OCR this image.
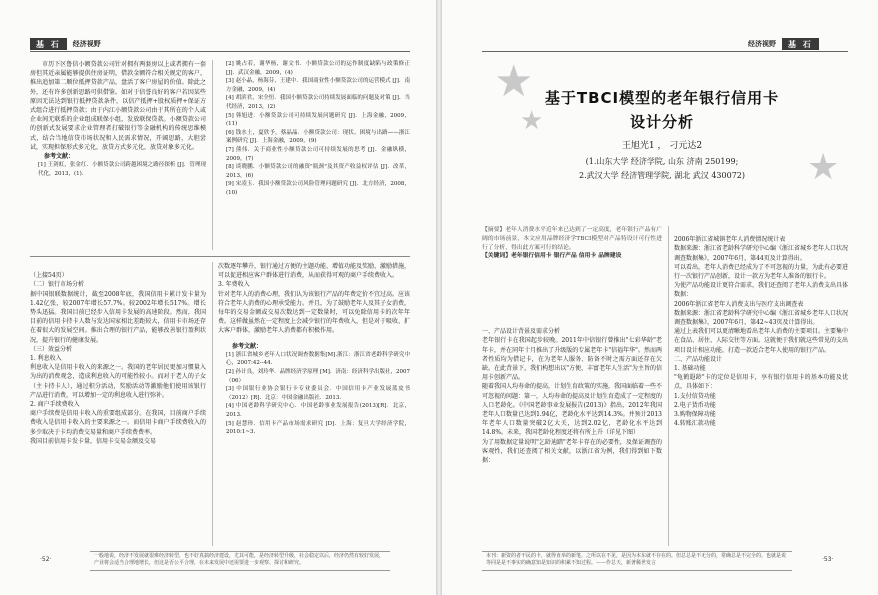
基 石	经济视野

市历下区鲁信小额贷款公司针对拥有两套房以上或者拥有一套房但其近亲属能够提供住房证明，借款金额符合相关规定的客户，推出追加第二顺位抵押贷款产品，盘活了客户房屋的价值。除此之外，还有许多创新思路可供借鉴。如对于信誉良好的客户若因某些原因无法达到银行抵押贷款条件，以信产抵押+股权质押+保证方式组合进行抵押贷款；由于内江小额贷款公司由于其所在的个人或企业间无联系的企业组成联保小组，发放联保贷款。小额贷款公司的创新式发展要求企业管理者打破银行等金融机构的传统思维模式，结合当地信贷市场状况和人民需求情况，开阔思路，大胆尝试，实现担保形式多元化，放贷方式多元化，放贷对象多元化。

参考文献：

[1] 王剑虹，张金红．小额贷款公司跨越困境之路径探析 [J]．管理现代化，2013，(1).

[2] 姚占若，谢华杨，谢文书．小额贷款公司的运作制度缺陷与政策修正 [J]．武汉金融，2009，(4)

[3] 赵小晶，杨海芬，王建中．我国商业性小额贷款公司的运营模式 [J]．南方金融，2009，(4)

[4] 胡滨君，宋全恒．我国小额贷款公司持续发展面临的问题及对策 [J]．当代经济，2013，(2)

[5] 韩旭进．小额贷款公司可持续发展问题研究 [J]．上海金融，2009，(11)

[6] 钱水土，夏欣予，蔡晶晶．小额贷款公司：现状、困境与出路——浙江案例研究 [J]．上海金融，2009，(9)

[7] 熊伟．关于商业性小额贷款公司可持续发展的思考 [J]．金融纵横，2009，(7)

[8] 谈晓鹏．小额贷款公司的融资"瓶颈"及其资产收益权评估 [J]．改革，2013，(6)

[9] 宋凌玉．我国小额贷款公司风险管理问题研究 [J]．北方经济，2008，(10)

（上接54页）
（二）银行市场分析
据中国银联数据统计，截至2008年底，我国信用卡累计发卡量为1.42亿张，较2007年增长57.7%。较2002年增长517%。增长势头迅猛。我国目前已经步入信用卡发展的高速阶段。然而，我国目前的信用卡持卡人数与发达国家相比差距较大，信用卡市场还存在着很大的发展空间。推出合理的银行产品，能够改善银行盈利状况，提升银行的健康发展。
（三）效益分析
1. 利息收入
利息收入是信用卡收入的来源之一。我国的老年居民更加习惯量入为出的消费观念，造成利息收入的可能性较小。而对于老人的子女（主卡持卡人），通过积分活动，奖励活动等激励他们使用该银行产品进行消费，可以增加一定的利息收入进行弥补。
2. 商户手续费收入
商户手续费是信用卡收入的重要组成部分。在我国，目前商户手续费收入是信用卡收入的主要来源之一。而信用卡商户手续费收入的多少取决于卡均消费交易量和商户手续费费率。
我国目前信用卡发卡量，信用卡交易金额及交易

次数逐年攀升，银行通过方便的主题功能、增值功能及奖励、激励措施，可以促进相应客户群体进行消费，从而获得可观的商户手续费收入。
3. 年费收入
针对老年人的消费心理，我们认为该银行产品的年费定价不宜过高。应该符合老年人消费的心理承受能力。并且，为了鼓励老年人及其子女消费，每年的交易金额或交易次数达到一定数量时，可以免除信用卡的次年年费。这样做虽然在一定程度上会减少银行的年费收入，但是对于吸收、扩大客户群体，激励老年人消费都有积极作用。

参考文献：

[1] 浙江省城乡老年人口状况调查数据集[M].浙江：浙江省老龄科学研究中心，2007:42--44.

[2] 孙计良，刘玲华．品牌经济学原理 [M]．济南：经济科学出版社，2007（06）

[3] 中国银行业协会银行卡专业委员会．中国信用卡产业发展蓝皮书（2012）[R]．北京：中国金融出版社．2013.

[4] 中国老龄科学研究中心．中国老龄事业发展报告(2013)[R]．北京，2013.

[5] 赵慧珍．信用卡产品市场需求研究 [D]．上海：复旦大学经济学院，2010:1~3.

一般地说，经济不发展就很难经济转型，也不好真搞经济建设，尤其可能，是经济转型升级，社会稳定以后，经济仍然有较好发展，产业将会适当合理地增长，但这是否公平合理，在未来发展中还需要进一步观察、探讨和研究。
·52·
经济视野	基 石
★
★
★
基于TBCI模型的老年银行信用卡
设计分析
王旭光1 ， 刁元达2
(1.山东大学 经济学院, 山东 济南 250199;
2.武汉大学 经济管理学院, 湖北 武汉 430072)

【摘要】老年人消费水平近年来已达到了一定高度，老年银行产品有广阔的市场前景，本文应用品牌经济学TBCI模型对产品特设计可行性进行了分析，得出此方案可行的结论。

【关键词】老年银行信用卡 银行产品 信用卡 品牌建设

一、产品设计背景及需求分析
老年银行卡在我国起步较晚。2011年中信银行曾推出"七彩华龄"老年卡，并在同年十月推出了升级版的专属老年卡"信福年华"。然而两者性质均为借记卡，在为老年人服务、防备不时之需方面还存在欠缺。在此背景下，我们构想出以"方便、丰富老年人生活"为主旨的信用卡创新产品。
随着我国人均寿命的提高，计划生育政策的实施，我国面临着一些不可忽视的问题：第一，人均寿命的提高及计划生育造成了一定程度的人口老龄化。《中国老龄事业发展报告(2013)》指出，2012年我国老年人口数量已达到1.94亿，老龄化水平达到14.3%。并预计2013年老年人口数量突破2亿大关，达到2.02亿，老龄化水平达到14.8%。未来，我国老龄化程度还将有所上升（详见下图）
为了用数据定量说明"乞龄迪踏"老年卡存在的必要性，及保证调查的客观性，我们还查阅了相关文献，以浙江省为例，我们得到如下数据：

2006年浙江省城镇老年人消费情况统计表
数据来源：浙江省老龄科学研究中心编《浙江省城乡老年人口状况调查数据集》，2007年6月，第44页及计算得出。
可以看出，老年人消费已经成为了不可忽视的力量，为此有必要进行一次银行产品创新，设计一款方为老年人准备的银行卡。
为使产品功能设计更符合需求，我们还查阅了老年人消费支出具体数据：
2006年浙江省老年人消费支出与医疗支出调查表
数据来源：浙江省老龄科学研究中心编《浙江省城乡老年人口状况调查数据集》，2007年6月，第42~43页及计算得出。
通过上表我们可以更清晰地看出老年人消费的主要项目。主要集中在食品、居住、人际交往等方面。这就便于我们就这些常见的支出项目设计相应功能，打造一款适合老年人使用的银行产品。
二、产品功能设计
1. 基础功能
"龟鹤遐龄"卡的定位是信用卡，享有银行信用卡的基本功能及优点，具体如下：
1.支付信贷功能
2.电子货币功能
3.购物保障功能
4.转账汇款功能

本刊：新资的者不民的卡，就得直举的新笔。之所以在不见，是因为本东就不存在的。但总总是不无分的，常确总是不完全的。也就是说等同是是不事实的确意知是知识的积累不知过程。——作总天，新著稀世发言	·53·
